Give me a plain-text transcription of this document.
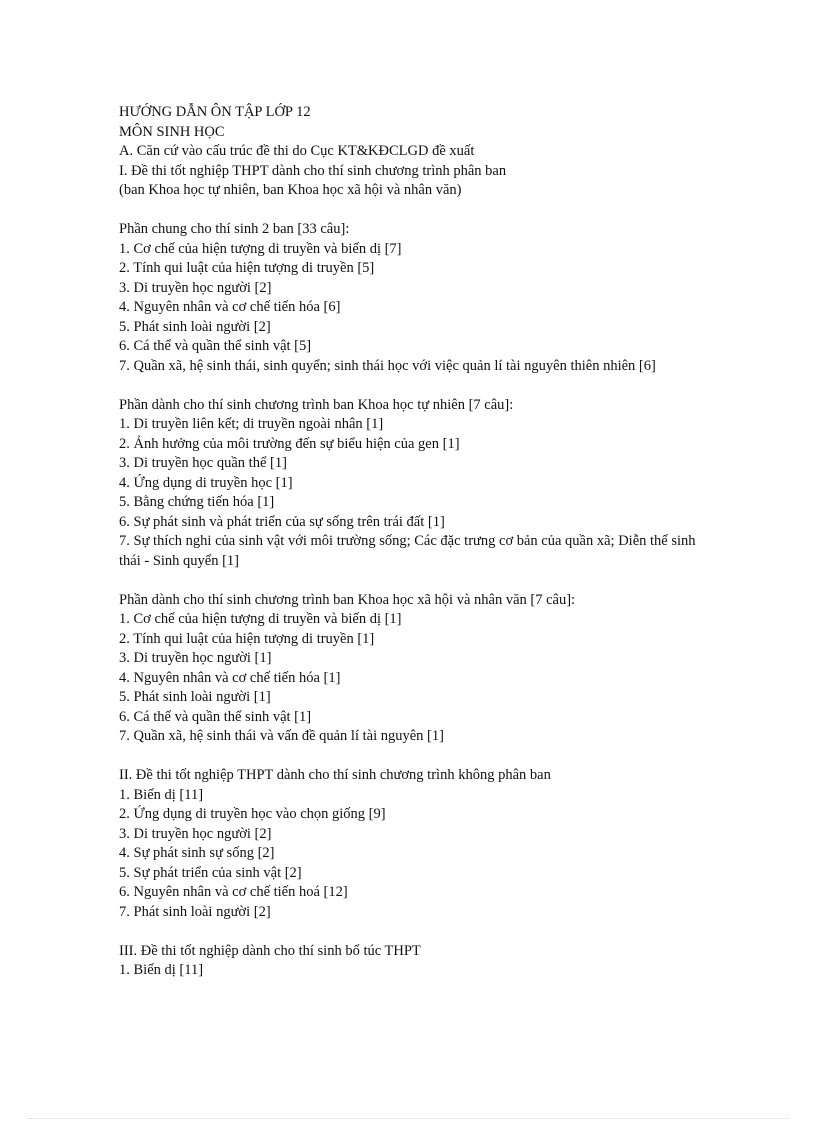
HƯỚNG DẪN ÔN TẬP LỚP 12
MÔN SINH HỌC
A. Căn cứ vào cấu trúc đề thi do Cục KT&KĐCLGD đề xuất
I. Đề thi tốt nghiệp THPT dành cho thí sinh chương trình phân ban
(ban Khoa học tự nhiên, ban Khoa học xã hội và nhân văn)
Phần chung cho thí sinh 2 ban [33 câu]:
1. Cơ chế của hiện tượng di truyền và biến dị [7]
2. Tính qui luật của hiện tượng di truyền [5]
3. Di truyền học người [2]
4. Nguyên nhân và cơ chế tiến hóa [6]
5. Phát sinh loài người [2]
6. Cá thể và quần thể sinh vật [5]
7. Quần xã, hệ sinh thái, sinh quyển; sinh thái học với việc quản lí tài nguyên thiên nhiên [6]
Phần dành cho thí sinh chương trình ban Khoa học tự nhiên [7 câu]:
1. Di truyền liên kết; di truyền ngoài nhân [1]
2. Ảnh hưởng của môi trường đến sự biểu hiện của gen [1]
3. Di truyền học quần thể [1]
4. Ứng dụng di truyền học [1]
5. Bằng chứng tiến hóa [1]
6. Sự phát sinh và phát triển của sự sống trên trái đất [1]
7. Sự thích nghi của sinh vật với môi trường sống; Các đặc trưng cơ bản của quần xã; Diễn thế sinh thái - Sinh quyển [1]
Phần dành cho thí sinh chương trình ban Khoa học xã hội và nhân văn [7 câu]:
1. Cơ chế của hiện tượng di truyền và biến dị [1]
2. Tính qui luật của hiện tượng di truyền [1]
3. Di truyền học người [1]
4. Nguyên nhân và cơ chế tiến hóa [1]
5. Phát sinh loài người [1]
6. Cá thể và quần thể sinh vật [1]
7. Quần xã, hệ sinh thái và vấn đề quản lí tài nguyên [1]
II. Đề thi tốt nghiệp THPT dành cho thí sinh chương trình không phân ban
1. Biến dị [11]
2. Ứng dụng di truyền học vào chọn giống [9]
3. Di truyền học người [2]
4. Sự phát sinh sự sống [2]
5. Sự phát triển của sinh vật [2]
6. Nguyên nhân và cơ chế tiến hoá [12]
7. Phát sinh loài người [2]
III. Đề thi tốt nghiệp dành cho thí sinh bổ túc THPT
1. Biến dị [11]
